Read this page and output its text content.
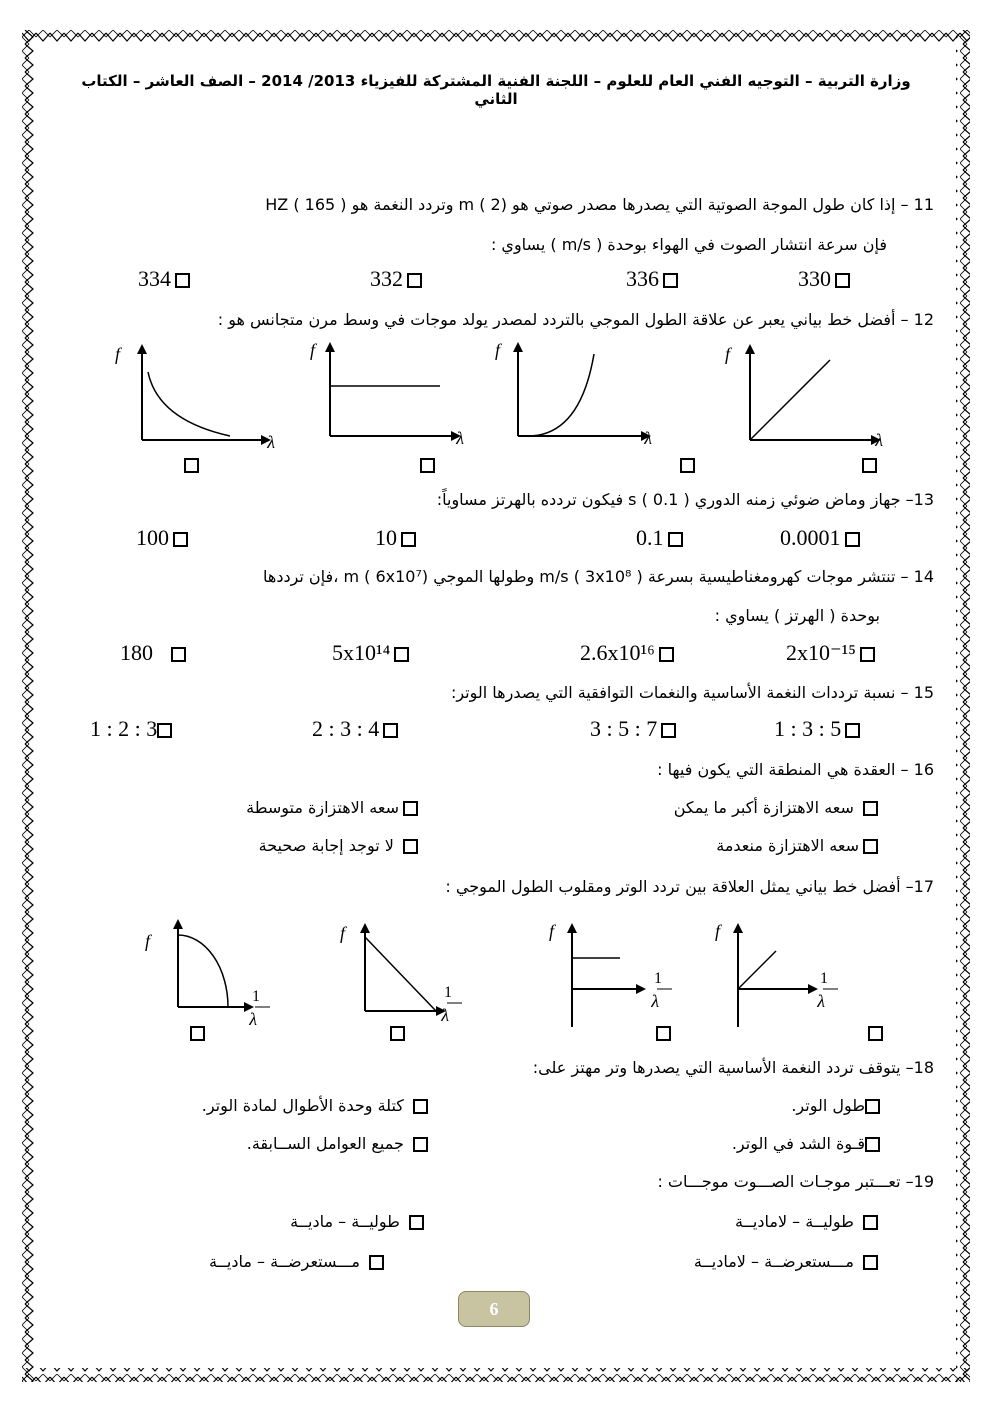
وزارة التربية – التوجيه الفني العام للعلوم – اللجنة الفنية المشتركة للفيزياء 2013/ 2014 – الصف العاشر – الكتاب الثاني
11 – إذا كان طول الموجة الصوتية التي يصدرها مصدر صوتي هو m ( 2) وتردد النغمة هو HZ ( 165 )
فإن سرعة انتشار الصوت في الهواء بوحدة ( m/s ) يساوي :
330
336
332
334
12 – أفضل خط بياني يعبر عن علاقة الطول الموجي بالتردد لمصدر يولد موجات في وسط مرن متجانس هو :
f
λ
f
λ
f
λ
f
λ
13– جهاز وماض ضوئي زمنه الدوري s ( 0.1 ) فيكون تردده بالهرتز مساوياً:
0.0001
0.1
10
100
14 – تنتشر موجات كهرومغناطيسية بسرعة m/s ( 3x10⁸ ) وطولها الموجي m ( 6x10⁷) ،فإن ترددها
بوحدة ( الهرتز ) يساوي :
2x10⁻¹⁵
2.6x10¹⁶
5x10¹⁴
180
15 – نسبة ترددات النغمة الأساسية والنغمات التوافقية التي يصدرها الوتر:
1 : 3 : 5
3 : 5 : 7
2 : 3 : 4
1 : 2 : 3
16 – العقدة هي المنطقة التي يكون فيها :
سعه الاهتزازة أكبر ما يمكن
سعه الاهتزازة متوسطة
سعه الاهتزازة منعدمة
لا توجد إجابة صحيحة
17– أفضل خط بياني يمثل العلاقة بين تردد الوتر ومقلوب الطول الموجي :
f
1
λ
f
1
λ
f
1
λ
f
1
λ
18– يتوقف تردد النغمة الأساسية التي يصدرها وتر مهتز على:
طول الوتر.
كتلة وحدة الأطوال لمادة الوتر.
قـوة الشد في الوتر.
جميع العوامل الســابقة.
19– تعـــتبر موجـات الصـــوت موجـــات :
طوليــة – لاماديــة
طوليــة – ماديــة
مـــستعرضــة – لاماديــة
مـــستعرضــة – ماديــة
6
